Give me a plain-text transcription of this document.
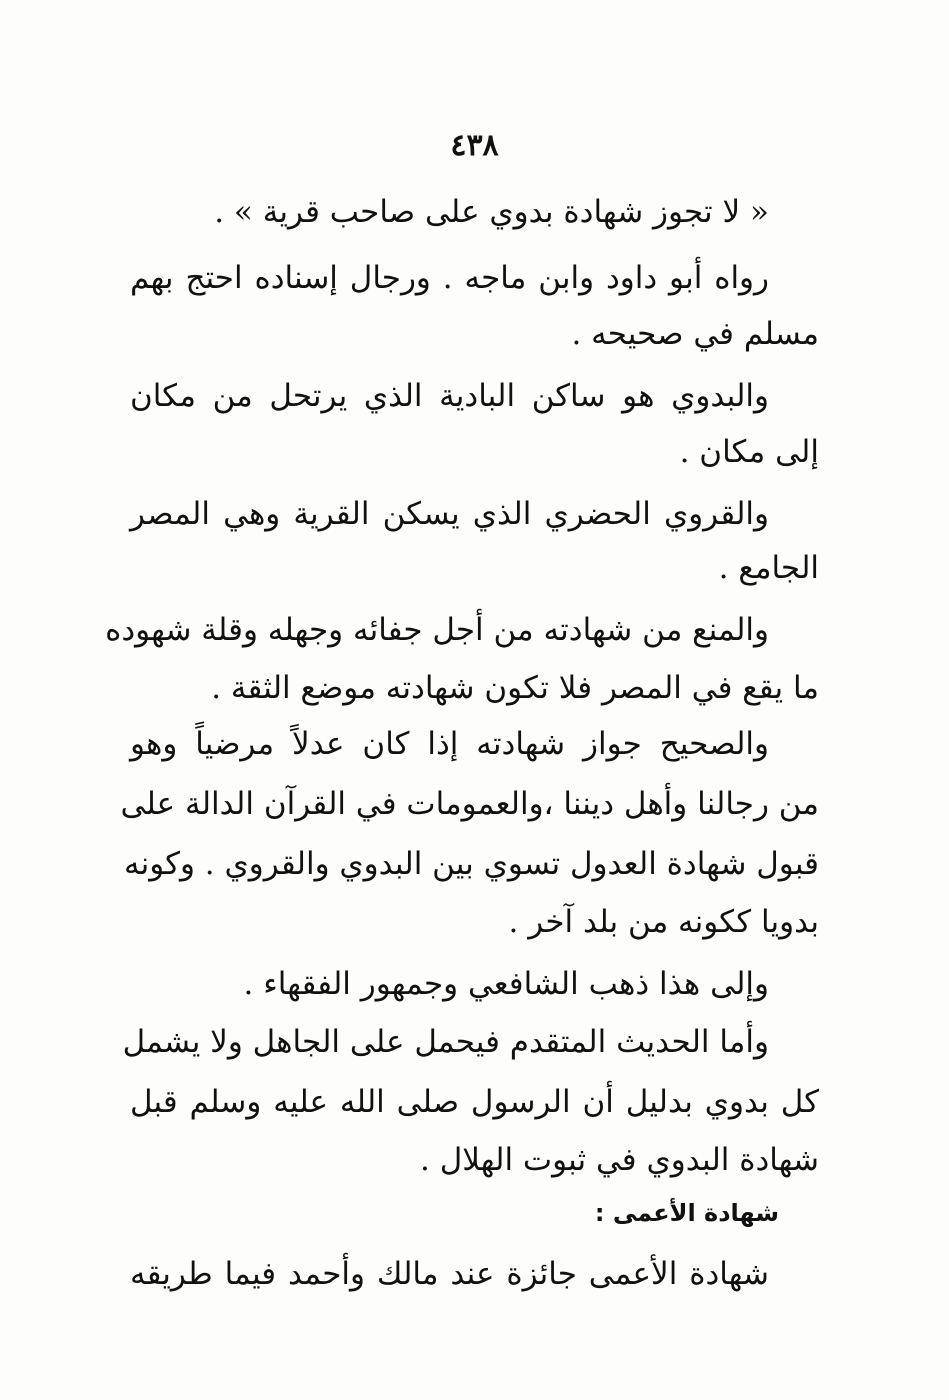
٤٣٨
« لا تجوز شهادة بدوي على صاحب قرية » .
رواه أبو داود وابن ماجه . ورجال إسناده احتج بهم
مسلم في صحيحه .
والبدوي هو ساكن البادية الذي يرتحل من مكان
إلى مكان .
والقروي الحضري الذي يسكن القرية وهي المصر
الجامع .
والمنع من شهادته من أجل جفائه وجهله وقلة شهوده
ما يقع في المصر فلا تكون شهادته موضع الثقة .
والصحيح جواز شهادته إذا كان عدلاً مرضياً وهو
من رجالنا وأهل ديننا ،والعمومات في القرآن الدالة على
قبول شهادة العدول تسوي بين البدوي والقروي . وكونه
بدويا ككونه من بلد آخر .
وإلى هذا ذهب الشافعي وجمهور الفقهاء .
وأما الحديث المتقدم فيحمل على الجاهل ولا يشمل
كل بدوي بدليل أن الرسول صلى الله عليه وسلم قبل
شهادة البدوي في ثبوت الهلال .
شهادة الأعمى :
شهادة الأعمى جائزة عند مالك وأحمد فيما طريقه
